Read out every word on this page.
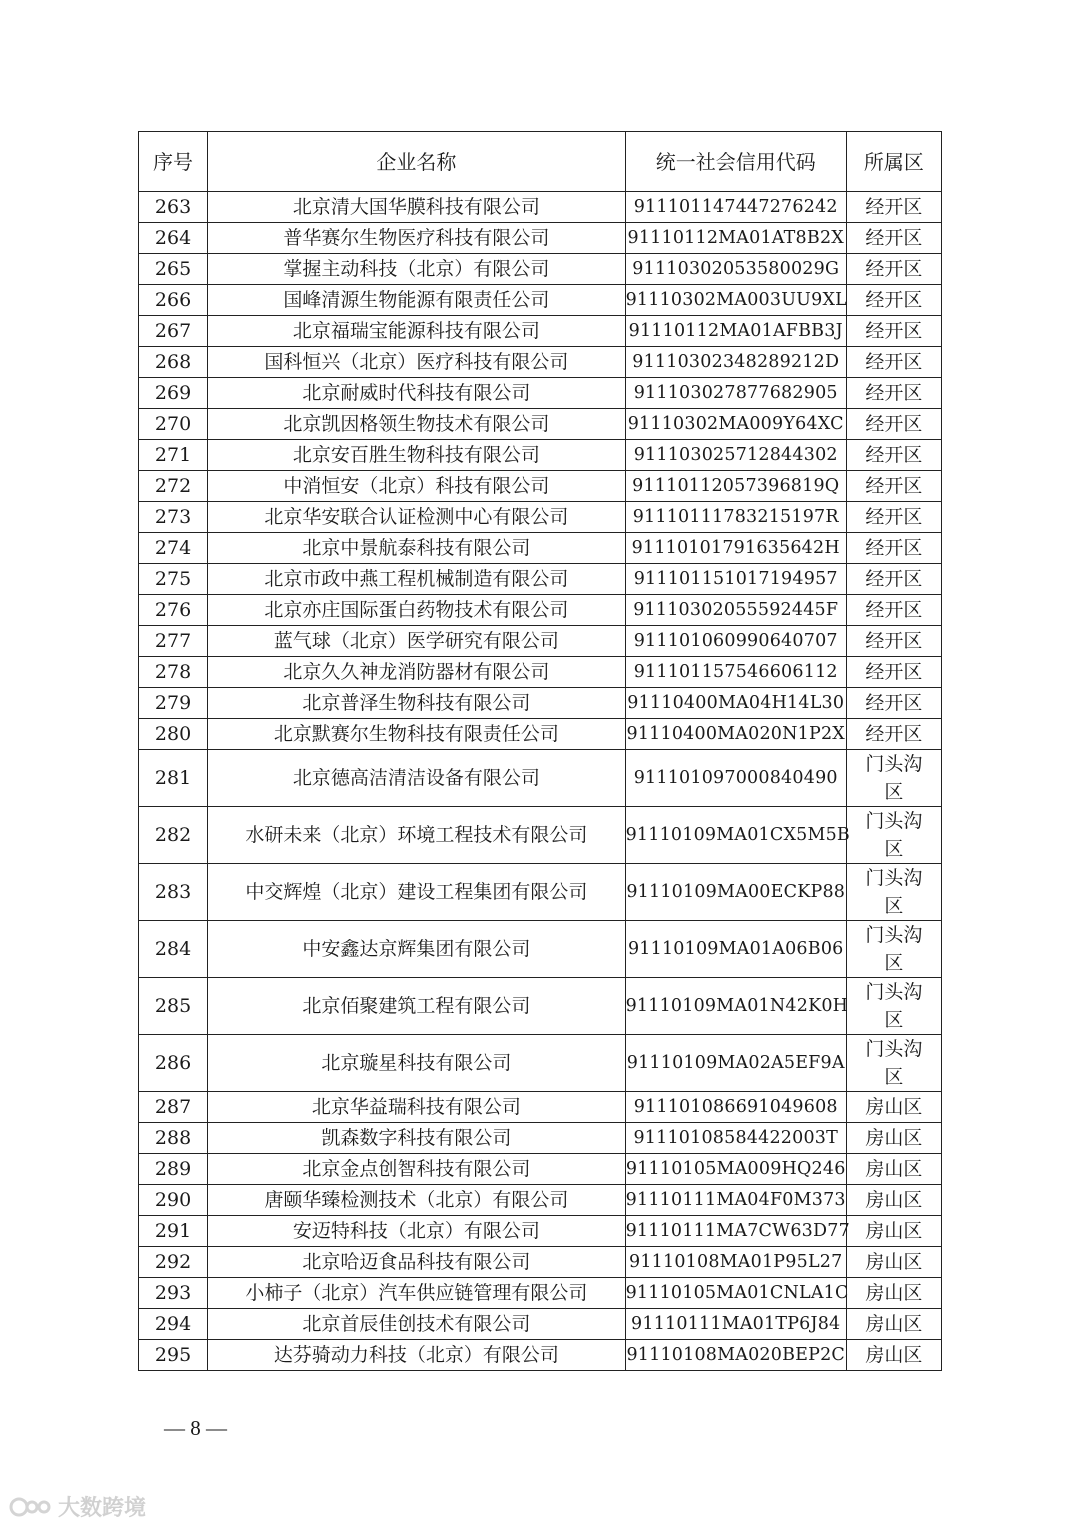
序号	企业名称	统一社会信用代码	所属区
263	北京清大国华膜科技有限公司	911101147447276242	经开区
264	普华赛尔生物医疗科技有限公司	91110112MA01AT8B2X	经开区
265	掌握主动科技（北京）有限公司	91110302053580029G	经开区
266	国峰清源生物能源有限责任公司	91110302MA003UU9XL	经开区
267	北京福瑞宝能源科技有限公司	91110112MA01AFBB3J	经开区
268	国科恒兴（北京）医疗科技有限公司	91110302348289212D	经开区
269	北京耐威时代科技有限公司	911103027877682905	经开区
270	北京凯因格领生物技术有限公司	91110302MA009Y64XC	经开区
271	北京安百胜生物科技有限公司	911103025712844302	经开区
272	中消恒安（北京）科技有限公司	91110112057396819Q	经开区
273	北京华安联合认证检测中心有限公司	91110111783215197R	经开区
274	北京中景航泰科技有限公司	91110101791635642H	经开区
275	北京市政中燕工程机械制造有限公司	911101151017194957	经开区
276	北京亦庄国际蛋白药物技术有限公司	91110302055592445F	经开区
277	蓝气球（北京）医学研究有限公司	911101060990640707	经开区
278	北京久久神龙消防器材有限公司	911101157546606112	经开区
279	北京普泽生物科技有限公司	91110400MA04H14L30	经开区
280	北京默赛尔生物科技有限责任公司	91110400MA020N1P2X	经开区
281	北京德高洁清洁设备有限公司	911101097000840490	门头沟
区
282	水研未来（北京）环境工程技术有限公司	91110109MA01CX5M5B	门头沟
区
283	中交辉煌（北京）建设工程集团有限公司	91110109MA00ECKP88	门头沟
区
284	中安鑫达京辉集团有限公司	91110109MA01A06B06	门头沟
区
285	北京佰聚建筑工程有限公司	91110109MA01N42K0H	门头沟
区
286	北京璇星科技有限公司	91110109MA02A5EF9A	门头沟
区
287	北京华益瑞科技有限公司	911101086691049608	房山区
288	凯森数字科技有限公司	91110108584422003T	房山区
289	北京金点创智科技有限公司	91110105MA009HQ246	房山区
290	唐颐华臻检测技术（北京）有限公司	91110111MA04F0M373	房山区
291	安迈特科技（北京）有限公司	91110111MA7CW63D77	房山区
292	北京哈迈食品科技有限公司	91110108MA01P95L27	房山区
293	小柿子（北京）汽车供应链管理有限公司	91110105MA01CNLA1C	房山区
294	北京首辰佳创技术有限公司	91110111MA01TP6J84	房山区
295	达芬骑动力科技（北京）有限公司	91110108MA020BEP2C	房山区
— 8 —
大数跨境
